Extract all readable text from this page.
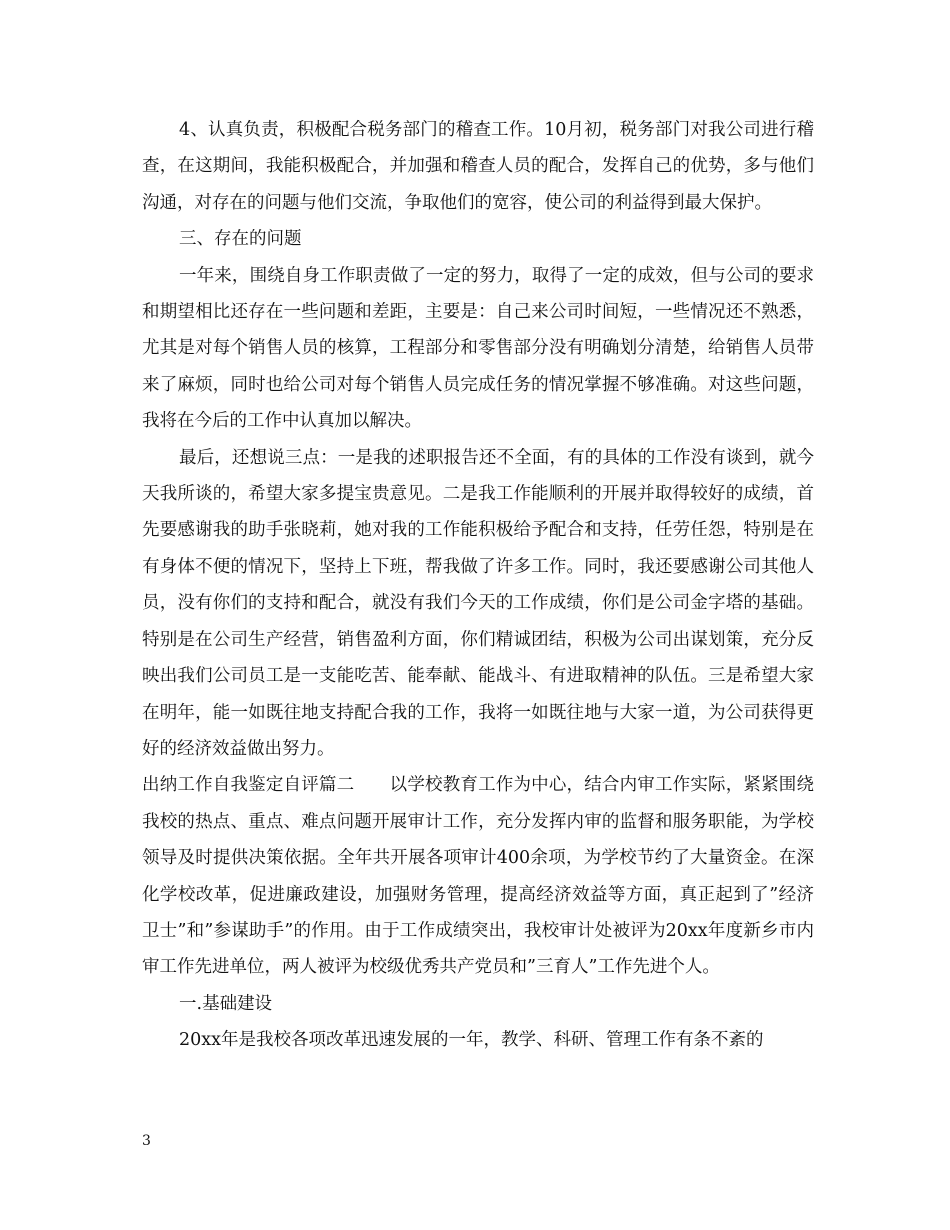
4、认真负责，积极配合税务部门的稽查工作。10月初，税务部门对我公司进行稽查，在这期间，我能积极配合，并加强和稽查人员的配合，发挥自己的优势，多与他们沟通，对存在的问题与他们交流，争取他们的宽容，使公司的利益得到最大保护。

三、存在的问题

一年来，围绕自身工作职责做了一定的努力，取得了一定的成效，但与公司的要求和期望相比还存在一些问题和差距，主要是：自己来公司时间短，一些情况还不熟悉，尤其是对每个销售人员的核算，工程部分和零售部分没有明确划分清楚，给销售人员带来了麻烦，同时也给公司对每个销售人员完成任务的情况掌握不够准确。对这些问题，我将在今后的工作中认真加以解决。

最后，还想说三点：一是我的述职报告还不全面，有的具体的工作没有谈到，就今天我所谈的，希望大家多提宝贵意见。二是我工作能顺利的开展并取得较好的成绩，首先要感谢我的助手张晓莉，她对我的工作能积极给予配合和支持，任劳任怨，特别是在有身体不便的情况下，坚持上下班，帮我做了许多工作。同时，我还要感谢公司其他人员，没有你们的支持和配合，就没有我们今天的工作成绩，你们是公司金字塔的基础。特别是在公司生产经营，销售盈利方面，你们精诚团结，积极为公司出谋划策，充分反映出我们公司员工是一支能吃苦、能奉献、能战斗、有进取精神的队伍。三是希望大家在明年，能一如既往地支持配合我的工作，我将一如既往地与大家一道，为公司获得更好的经济效益做出努力。

出纳工作自我鉴定自评篇二　　以学校教育工作为中心，结合内审工作实际，紧紧围绕我校的热点、重点、难点问题开展审计工作，充分发挥内审的监督和服务职能，为学校领导及时提供决策依据。全年共开展各项审计400余项，为学校节约了大量资金。在深化学校改革，促进廉政建设，加强财务管理，提高经济效益等方面，真正起到了”经济卫士”和”参谋助手”的作用。由于工作成绩突出，我校审计处被评为20xx年度新乡市内审工作先进单位，两人被评为校级优秀共产党员和”三育人”工作先进个人。

一.基础建设

20xx年是我校各项改革迅速发展的一年，教学、科研、管理工作有条不紊的

3
